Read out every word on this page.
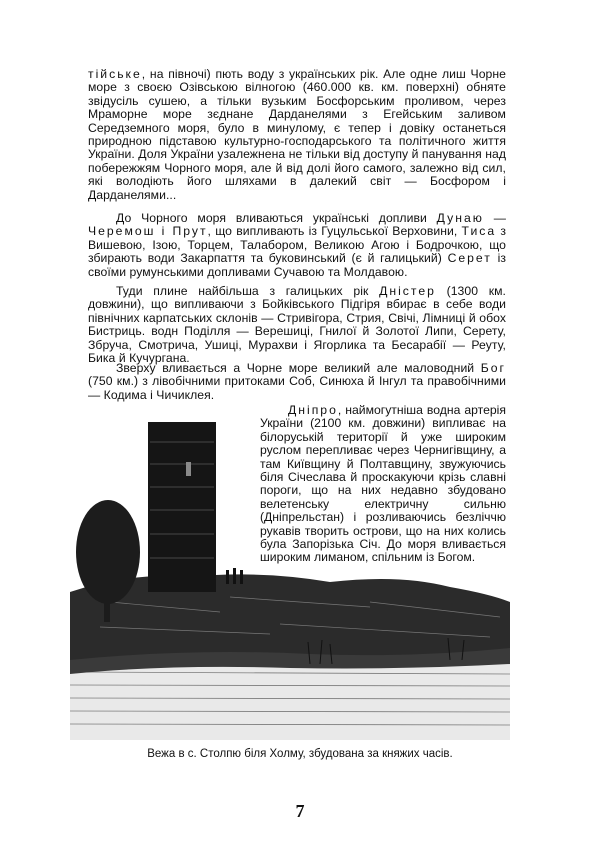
тійське, на півночі) пють воду з українських рік. Але одне лиш Чорне море з своєю Озівською вілногою (460.000 кв. км. поверхні) обняте звідусіль сушею, а тільки вузьким Босфорським проливом, через Мраморне море зєднане Дарданелями з Егейським заливом Середземного моря, було в минулому, є тепер і довіку останеться природною підставою культурно-господарського та політичного життя України. Доля України узалежнена не тільки від доступу й панування над побережжям Чорного моря, але й від долі його самого, залежно від сил, які володіють його шляхами в далекий світ — Босфором і Дарданелями...

До Чорного моря вливаються українські допливи Дунаю — Черемош і Прут, що випливають із Гуцульської Верховини, Тиса з Вишевою, Ізою, Торцем, Талабором, Великою Агою і Бодрочкою, що збирають води Закарпаття та буковинський (є й галицький) Серет із своїми румунськими допливами Сучавою та Молдавою.

Туди плине найбільша з галицьких рік Дністер (1300 км. довжини), що випливаючи з Бойківського Підгіря вбирає в себе води північних карпатських склонів — Стривігора, Стрия, Свічі, Лімниці й обох Бистриць. водн Поділля — Верешиці, Гнилої й Золотої Липи, Серету, Збруча, Смотрича, Ушиці, Мурахви і Ягорлика та Бесарабії — Реуту, Бика й Кучургана.

Зверху вливається а Чорне море великий але маловодний Бог (750 км.) з лівобічними притоками Соб, Синюха й Інгул та правобічними — Кодима і Чичиклея.

Дніпро, наймогутніша водна артерія України (2100 км. довжини) випливає на білоруській території й уже широким руслом перепливає через Чернигівщину, а там Київщину й Полтавщину, звужуючись біля Січеслава й проскакуючи крізь славні пороги, що на них недавно збудовано велетенську електричну сильню (Дніпрельстан) і розливаючись безліччю рукавів творить острови, що на них колись була Запорізька Січ. До моря вливається широким лиманом, спільним із Богом.

Вежа в с. Столпю біля Холму, збудована за княжих часів.
7
